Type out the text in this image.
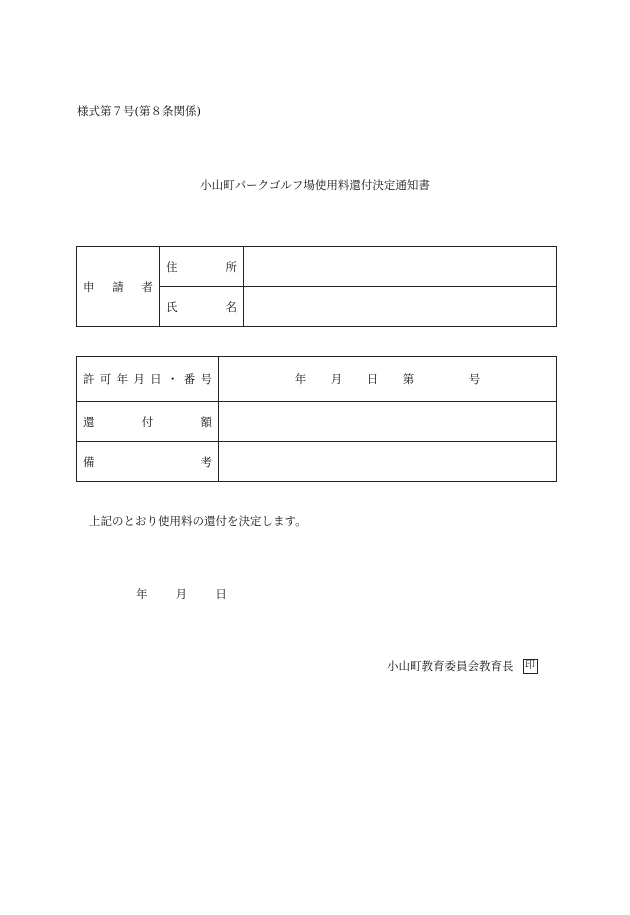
様式第７号(第８条関係)
小山町パークゴルフ場使用料還付決定通知書
申請者	住所	

	氏名	

許可年月日・番号	年 月 日 第 号

還付額	

備考	

上記のとおり使用料の還付を決定します。
年 月 日
小山町教育委員会教育長 印
